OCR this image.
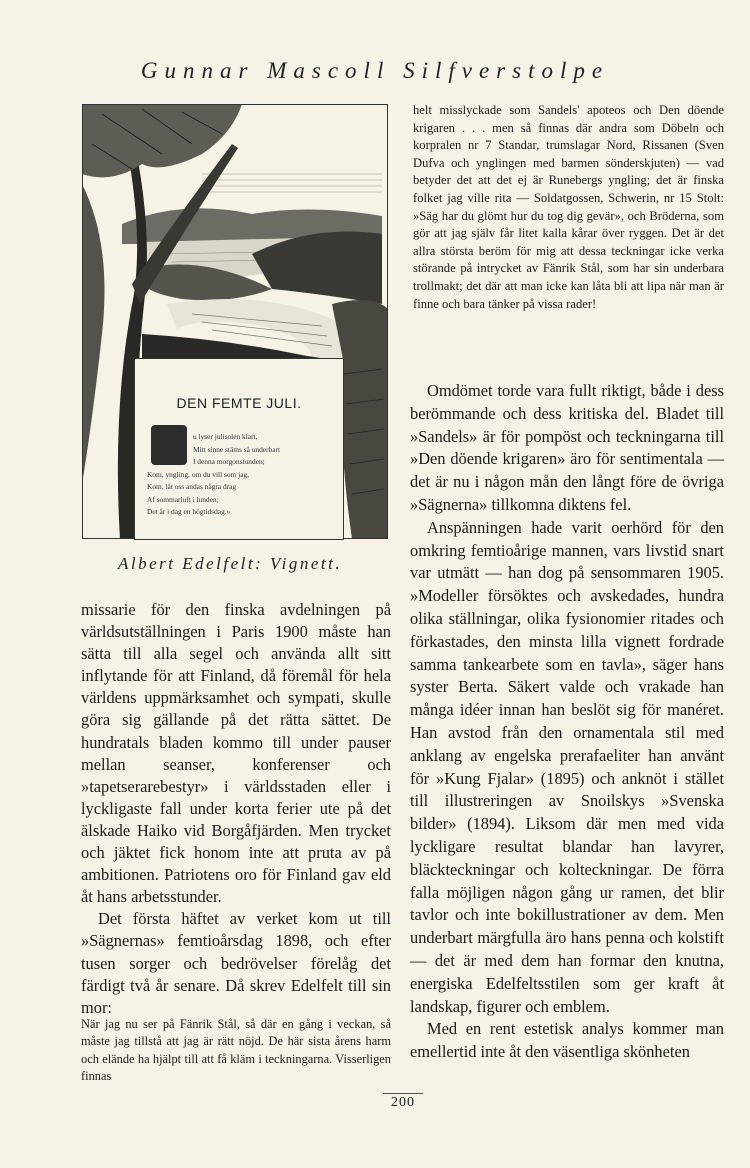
Gunnar Mascoll Silfverstolpe
DEN FEMTE JULI.
u lyser julisolen klart,
Mitt sinne stäms så underbart
I denna morgonstunden;
Kom, yngling, om du vill som jag,
Kom, låt oss andas några drag
Af sommarluft i lunden;
Det är i dag en högtidsdag.»
Albert Edelfelt: Vignett.

helt misslyckade som Sandels' apoteos och Den döende krigaren . . . men så finnas där andra som Döbeln och korpralen nr 7 Standar, trumslagar Nord, Rissanen (Sven Dufva och ynglingen med barmen sönderskjuten) — vad betyder det att det ej är Runebergs yngling; det är finska folket jag ville rita — Soldatgossen, Schwerin, nr 15 Stolt: »Säg har du glömt hur du tog dig gevär», och Bröderna, som gör att jag själv får litet kalla kårar över ryggen. Det är det allra största beröm för mig att dessa teckningar icke verka störande på intrycket av Fänrik Stål, som har sin underbara trollmakt; det där att man icke kan låta bli att lipa när man är finne och bara tänker på vissa rader!

Omdömet torde vara fullt riktigt, både i dess berömmande och dess kritiska del. Bladet till »Sandels» är för pompöst och teckningarna till »Den döende krigaren» äro för sentimentala — det är nu i någon mån den långt före de övriga »Sägnerna» tillkomna diktens fel.

Anspänningen hade varit oerhörd för den omkring femtioårige mannen, vars livstid snart var utmätt — han dog på sensommaren 1905. »Modeller försöktes och avskedades, hundra olika ställningar, olika fysionomier ritades och förkastades, den minsta lilla vignett fordrade samma tankearbete som en tavla», säger hans syster Berta. Säkert valde och vrakade han många idéer innan han beslöt sig för manéret. Han avstod från den ornamentala stil med anklang av engelska prerafaeliter han använt för »Kung Fjalar» (1895) och anknöt i stället till illustreringen av Snoilskys »Svenska bilder» (1894). Liksom där men med vida lyckligare resultat blandar han lavyrer, bläckteckningar och kolteckningar. De förra falla möjligen någon gång ur ramen, det blir tavlor och inte bokillustrationer av dem. Men underbart märgfulla äro hans penna och kolstift — det är med dem han formar den knutna, energiska Edelfeltsstilen som ger kraft åt landskap, figurer och emblem.

Med en rent estetisk analys kommer man emellertid inte åt den väsentliga skönheten

missarie för den finska avdelningen på världsutställningen i Paris 1900 måste han sätta till alla segel och använda allt sitt inflytande för att Finland, då föremål för hela världens uppmärksamhet och sympati, skulle göra sig gällande på det rätta sättet. De hundratals bladen kommo till under pauser mellan seanser, konferenser och »tapetserarebestyr» i världsstaden eller i lyckligaste fall under korta ferier ute på det älskade Haiko vid Borgåfjärden. Men trycket och jäktet fick honom inte att pruta av på ambitionen. Patriotens oro för Finland gav eld åt hans arbetsstunder.

Det första häftet av verket kom ut till »Sägnernas» femtioårsdag 1898, och efter tusen sorger och bedrövelser förelåg det färdigt två år senare. Då skrev Edelfelt till sin mor:

När jag nu ser på Fänrik Stål, så där en gång i veckan, så måste jag tillstå att jag är rätt nöjd. De här sista årens harm och elände ha hjälpt till att få kläm i teckningarna. Visserligen finnas

200
